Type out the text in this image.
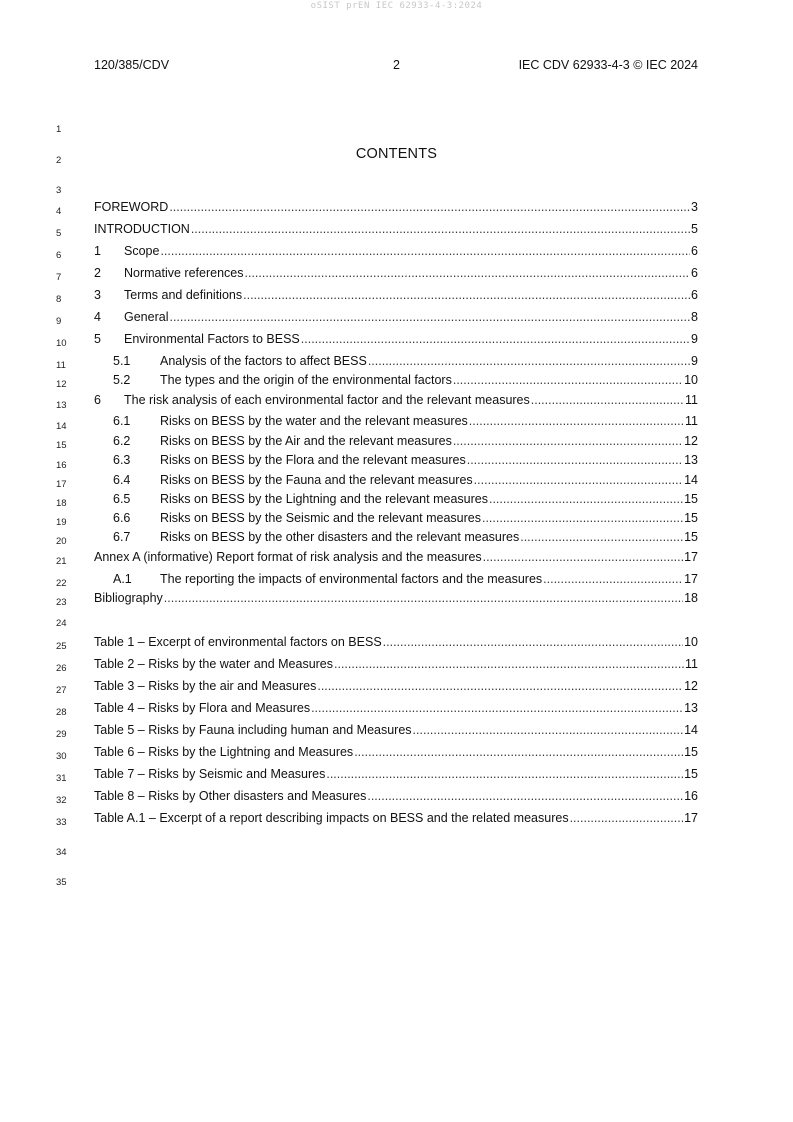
oSIST prEN IEC 62933-4-3:2024
120/385/CDV	2	IEC CDV 62933-4-3 © IEC 2024
1
2
3
4
5
6
7
8
9
10
11
12
13
14
15
16
17
18
19
20
21
22
23
24
25
26
27
28
29
30
31
32
33
34
35
CONTENTS
FOREWORD .....	3
INTRODUCTION .....	5
1	Scope .....	6
2	Normative references .....	6
3	Terms and definitions .....	6
4	General .....	8
5	Environmental Factors to BESS .....	9
5.1	Analysis of the factors to affect BESS .....	9
5.2	The types and the origin of the environmental factors .....	10
6	The risk analysis of each environmental factor and the relevant measures .....	11
6.1	Risks on BESS by the water and the relevant measures .....	11
6.2	Risks on BESS by the Air and the relevant measures .....	12
6.3	Risks on BESS by the Flora and the relevant measures .....	13
6.4	Risks on BESS by the Fauna and the relevant measures .....	14
6.5	Risks on BESS by the Lightning and the relevant measures .....	15
6.6	Risks on BESS by the Seismic and the relevant measures .....	15
6.7	Risks on BESS by the other disasters and the relevant measures .....	15
Annex A (informative) Report format of risk analysis and the measures .....	17
A.1	The reporting the impacts of environmental factors and the measures .....	17
Bibliography .....	18
Table 1 – Excerpt of environmental factors on BESS .....	10
Table 2 – Risks by the water and Measures .....	11
Table 3 – Risks by the air and Measures .....	12
Table 4 – Risks by Flora and Measures .....	13
Table 5 – Risks by Fauna including human and Measures .....	14
Table 6 – Risks by the Lightning and Measures .....	15
Table 7 – Risks by Seismic and Measures .....	15
Table 8 – Risks by Other disasters and Measures .....	16
Table A.1 – Excerpt of a report describing impacts on BESS and the related measures .....	17
